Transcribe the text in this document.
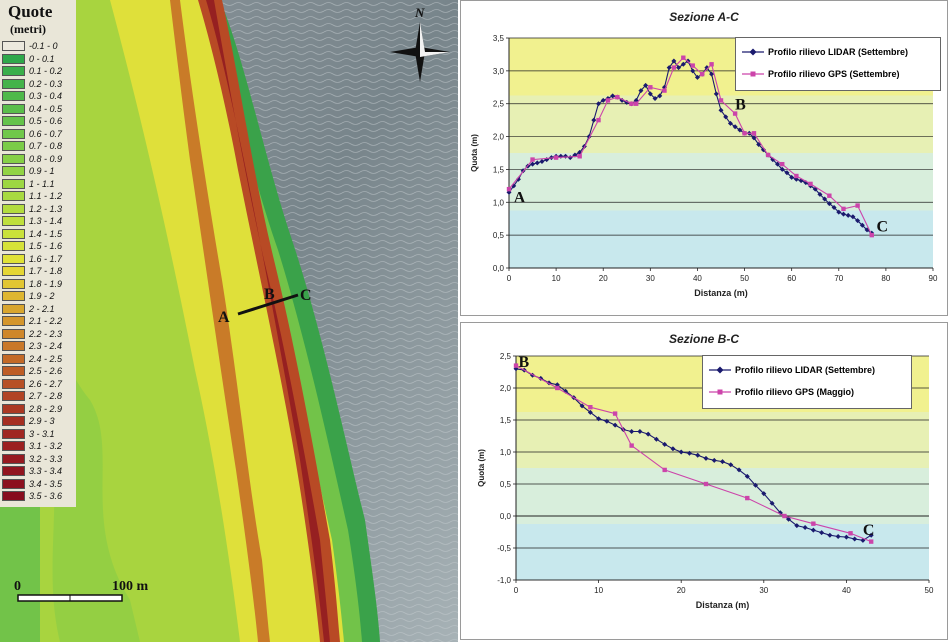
A
B C
N
0	100 m
Quote
(metri)
-0.1 - 0
0 - 0.1
0.1 - 0.2
0.2 - 0.3
0.3 - 0.4
0.4 - 0.5
0.5 - 0.6
0.6 - 0.7
0.7 - 0.8
0.8 - 0.9
0.9 - 1
1 - 1.1
1.1 - 1.2
1.2 - 1.3
1.3 - 1.4
1.4 - 1.5
1.5 - 1.6
1.6 - 1.7
1.7 - 1.8
1.8 - 1.9
1.9 - 2
2 - 2.1
2.1 - 2.2
2.2 - 2.3
2.3 - 2.4
2.4 - 2.5
2.5 - 2.6
2.6 - 2.7
2.7 - 2.8
2.8 - 2.9
2.9 - 3
3 - 3.1
3.1 - 3.2
3.2 - 3.3
3.3 - 3.4
3.4 - 3.5
3.5 - 3.6
Sezione A-C
0,0
0,5
1,0
1,5
2,0
2,5
3,0
3,5
0	10	20	30	40	50	60	70	80	90
Distanza (m)
Quota (m)
A
B
C
Profilo rilievo LIDAR (Settembre)
Profilo rilievo GPS (Settembre)
Sezione B-C
-1,0
-0,5
0,0
0,5
1,0
1,5
2,0
2,5
0	10	20	30	40	50
Distanza (m)
Quota (m)
B
C
Profilo rilievo LIDAR (Settembre)
Profilo rilievo GPS (Maggio)
